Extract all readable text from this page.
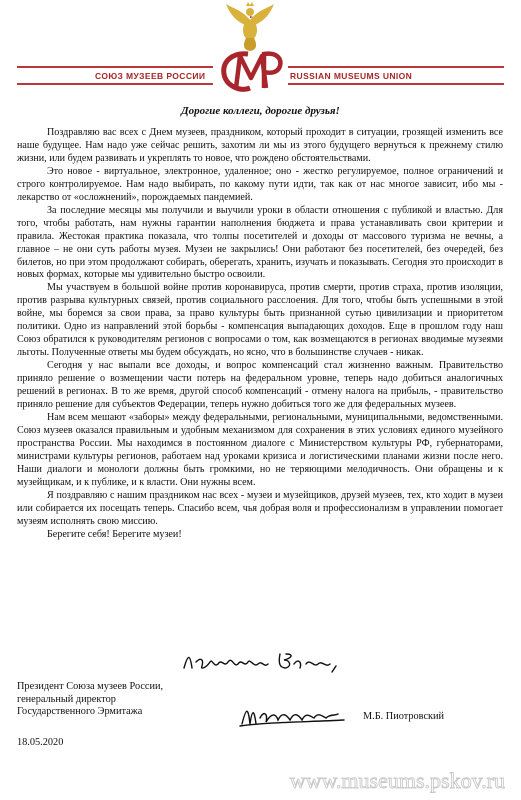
СОЮЗ МУЗЕЕВ РОССИИ	RUSSIAN MUSEUMS UNION
Дорогие коллеги, дорогие друзья!

Поздравляю вас всех с Днем музеев, праздником, который проходит в ситуации, грозящей изменить все наше будущее. Нам надо уже сейчас решить, захотим ли мы из этого будущего вернуться к прежнему стилю жизни, или будем развивать и укреплять то новое, что рождено обстоятельствами.

Это новое - виртуальное, электронное, удаленное; оно - жестко регулируемое, полное ограничений и строго контролируемое. Нам надо выбирать, по какому пути идти, так как от нас многое зависит, ибо мы - лекарство от «осложнений», порождаемых пандемией.

За последние месяцы мы получили и выучили уроки в области отношения с публикой и властью. Для того, чтобы работать, нам нужны гарантии наполнения бюджета и права устанавливать свои критерии и правила. Жестокая практика показала, что толпы посетителей и доходы от массового туризма не вечны, а главное – не они суть работы музея. Музеи не закрылись! Они работают без посетителей, без очередей, без билетов, но при этом продолжают собирать, оберегать, хранить, изучать и показывать. Сегодня это происходит в новых формах, которые мы удивительно быстро освоили.

Мы участвуем в большой войне против коронавируса, против смерти, против страха, против изоляции, против разрыва культурных связей, против социального расслоения. Для того, чтобы быть успешными в этой войне, мы боремся за свои права, за право культуры быть признанной сутью цивилизации и приоритетом политики. Одно из направлений этой борьбы - компенсация выпадающих доходов. Еще в прошлом году наш Союз обратился к руководителям регионов с вопросами о том, как возмещаются в регионах вводимые музеями льготы. Полученные ответы мы будем обсуждать, но ясно, что в большинстве случаев - никак.

Сегодня у нас выпали все доходы, и вопрос компенсаций стал жизненно важным. Правительство приняло решение о возмещении части потерь на федеральном уровне, теперь надо добиться аналогичных решений в регионах. В то же время, другой способ компенсаций - отмену налога на прибыль, - правительство приняло решение для субъектов Федерации, теперь нужно добиться того же для федеральных музеев.

Нам всем мешают «заборы» между федеральными, региональными, муниципальными, ведомственными. Союз музеев оказался правильным и удобным механизмом для сохранения в этих условиях единого музейного пространства России. Мы находимся в постоянном диалоге с Министерством культуры РФ, губернаторами, министрами культуры регионов, работаем над уроками кризиса и логистическими планами жизни после него. Наши диалоги и монологи должны быть громкими, но не теряющими мелодичность. Они обращены и к музейщикам, и к публике, и к власти. Они нужны всем.

Я поздравляю с нашим праздником нас всех - музеи и музейщиков, друзей музеев, тех, кто ходит в музеи или собирается их посещать теперь. Спасибо всем, чья добрая воля и профессионализм в управлении помогает музеям исполнять свою миссию.

Берегите себя! Берегите музеи!

Президент Союза музеев России,
генеральный директор
Государственного Эрмитажа	М.Б. Пиотровский
18.05.2020
www.museums.pskov.ru
